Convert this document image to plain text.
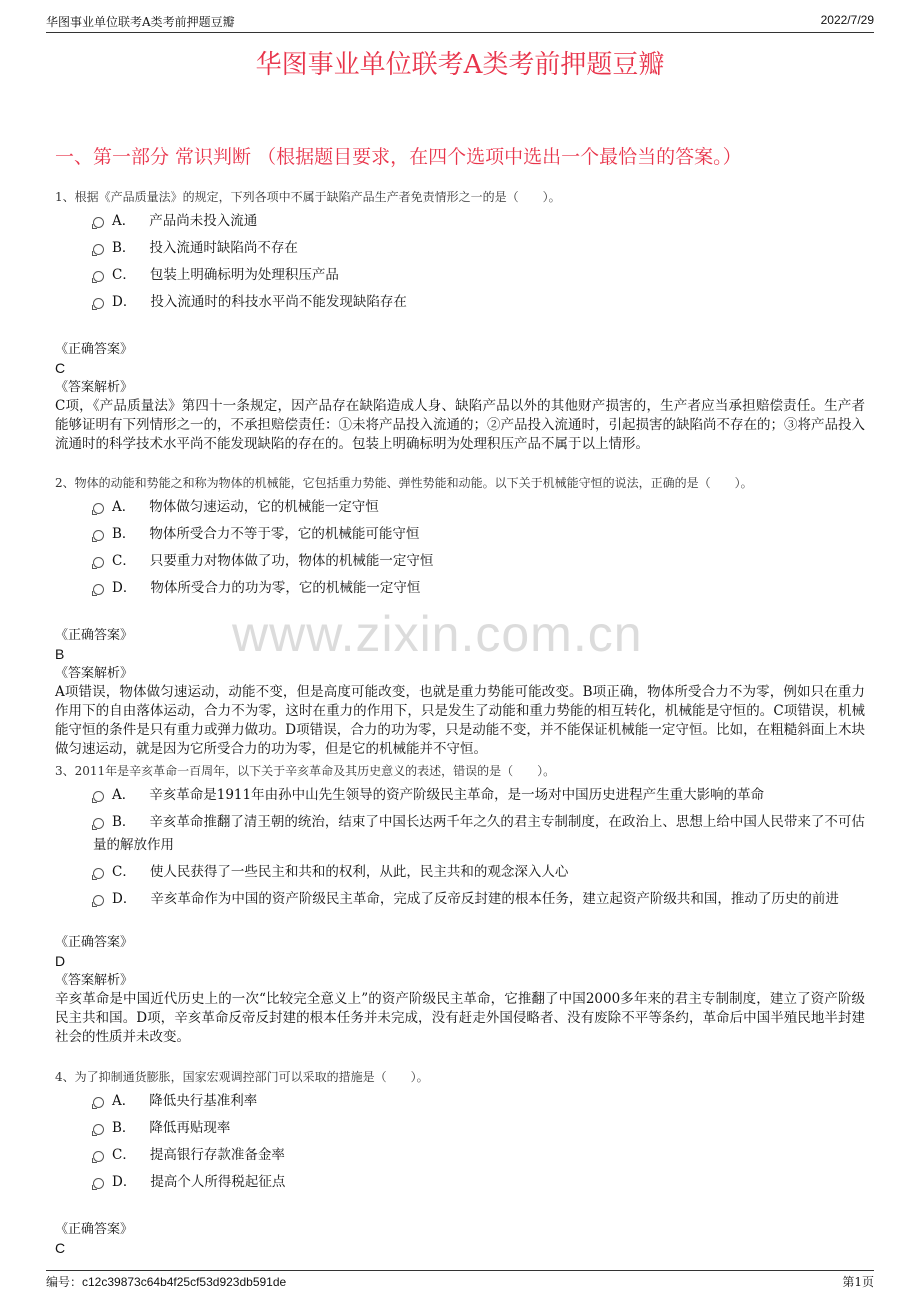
华图事业单位联考A类考前押题豆瓣	2022/7/29
华图事业单位联考A类考前押题豆瓣
一、第一部分 常识判断 （根据题目要求，在四个选项中选出一个最恰当的答案。）
www.zixin.com.cn
1、根据《产品质量法》的规定，下列各项中不属于缺陷产品生产者免责情形之一的是（　　）。
A． 产品尚未投入流通
B． 投入流通时缺陷尚不存在
C． 包装上明确标明为处理积压产品
D． 投入流通时的科技水平尚不能发现缺陷存在
《正确答案》
C
《答案解析》
C项，《产品质量法》第四十一条规定，因产品存在缺陷造成人身、缺陷产品以外的其他财产损害的，生产者应当承担赔偿责任。生产者能够证明有下列情形之一的，不承担赔偿责任：①未将产品投入流通的；②产品投入流通时，引起损害的缺陷尚不存在的；③将产品投入流通时的科学技术水平尚不能发现缺陷的存在的。包装上明确标明为处理积压产品不属于以上情形。
2、物体的动能和势能之和称为物体的机械能，它包括重力势能、弹性势能和动能。以下关于机械能守恒的说法，正确的是（　　）。
A． 物体做匀速运动，它的机械能一定守恒
B． 物体所受合力不等于零，它的机械能可能守恒
C． 只要重力对物体做了功，物体的机械能一定守恒
D． 物体所受合力的功为零，它的机械能一定守恒
《正确答案》
B
《答案解析》
A项错误，物体做匀速运动，动能不变，但是高度可能改变，也就是重力势能可能改变。B项正确，物体所受合力不为零，例如只在重力作用下的自由落体运动，合力不为零，这时在重力的作用下，只是发生了动能和重力势能的相互转化，机械能是守恒的。C项错误，机械能守恒的条件是只有重力或弹力做功。D项错误，合力的功为零，只是动能不变，并不能保证机械能一定守恒。比如，在粗糙斜面上木块做匀速运动，就是因为它所受合力的功为零，但是它的机械能并不守恒。
3、2011年是辛亥革命一百周年，以下关于辛亥革命及其历史意义的表述，错误的是（　　）。
A． 辛亥革命是1911年由孙中山先生领导的资产阶级民主革命，是一场对中国历史进程产生重大影响的革命
B． 辛亥革命推翻了清王朝的统治，结束了中国长达两千年之久的君主专制制度，在政治上、思想上给中国人民带来了不可估量的解放作用
C． 使人民获得了一些民主和共和的权利，从此，民主共和的观念深入人心
D． 辛亥革命作为中国的资产阶级民主革命，完成了反帝反封建的根本任务，建立起资产阶级共和国，推动了历史的前进
《正确答案》
D
《答案解析》
辛亥革命是中国近代历史上的一次“比较完全意义上”的资产阶级民主革命，它推翻了中国2000多年来的君主专制制度，建立了资产阶级民主共和国。D项，辛亥革命反帝反封建的根本任务并未完成，没有赶走外国侵略者、没有废除不平等条约，革命后中国半殖民地半封建社会的性质并未改变。
4、为了抑制通货膨胀，国家宏观调控部门可以采取的措施是（　　）。
A． 降低央行基准利率
B． 降低再贴现率
C． 提高银行存款准备金率
D． 提高个人所得税起征点
《正确答案》
C
编号：c12c39873c64b4f25cf53d923db591de	第1页
